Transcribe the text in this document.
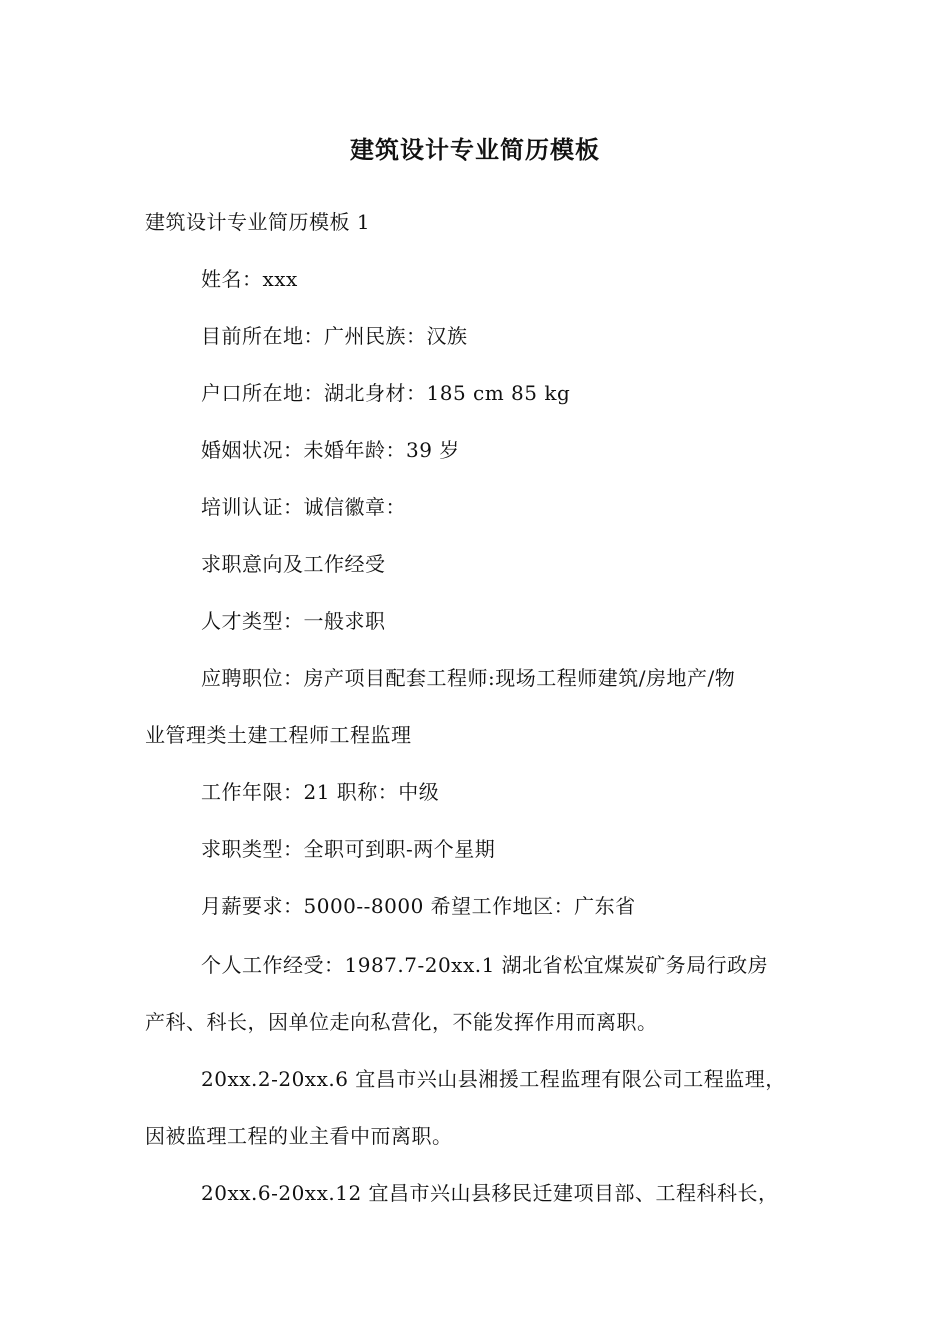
建筑设计专业简历模板
建筑设计专业简历模板 1
姓名：xxx
目前所在地：广州民族：汉族
户口所在地：湖北身材：185 cm 85 kg
婚姻状况：未婚年龄：39 岁
培训认证：诚信徽章：
求职意向及工作经受
人才类型：一般求职
应聘职位：房产项目配套工程师:现场工程师建筑/房地产/物
业管理类土建工程师工程监理
工作年限：21 职称：中级
求职类型：全职可到职-两个星期
月薪要求：5000--8000 希望工作地区：广东省
个人工作经受：1987.7-20xx.1 湖北省松宜煤炭矿务局行政房
产科、科长，因单位走向私营化，不能发挥作用而离职。
20xx.2-20xx.6 宜昌市兴山县湘援工程监理有限公司工程监理，
因被监理工程的业主看中而离职。
20xx.6-20xx.12 宜昌市兴山县移民迁建项目部、工程科科长，
